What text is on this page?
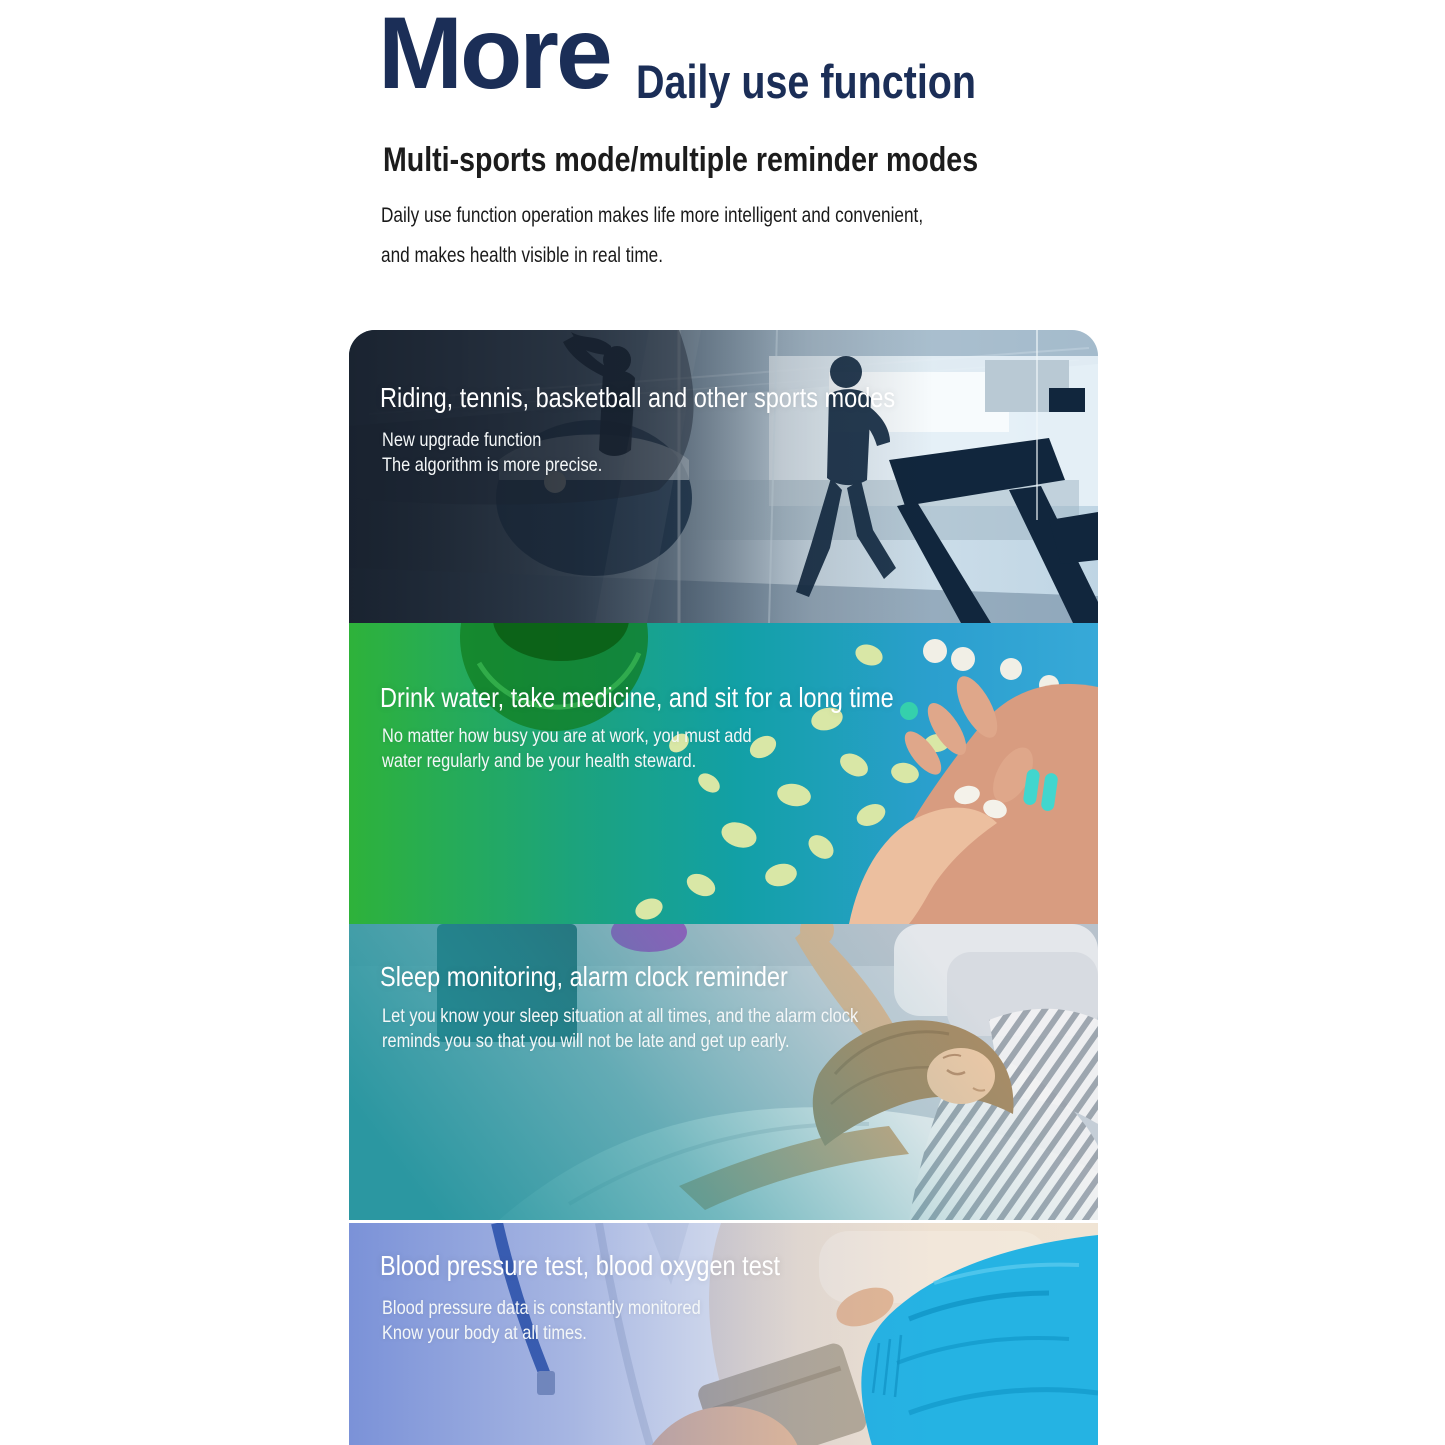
More Daily use function
Multi-sports mode/multiple reminder modes
Daily use function operation makes life more intelligent and convenient,
and makes health visible in real time.
Riding, tennis, basketball and other sports modes
New upgrade function
The algorithm is more precise.
Drink water, take medicine, and sit for a long time
No matter how busy you are at work, you must add
water regularly and be your health steward.
Sleep monitoring, alarm clock reminder
Let you know your sleep situation at all times, and the alarm clock
reminds you so that you will not be late and get up early.
Blood pressure test, blood oxygen test
Blood pressure data is constantly monitored
Know your body at all times.
